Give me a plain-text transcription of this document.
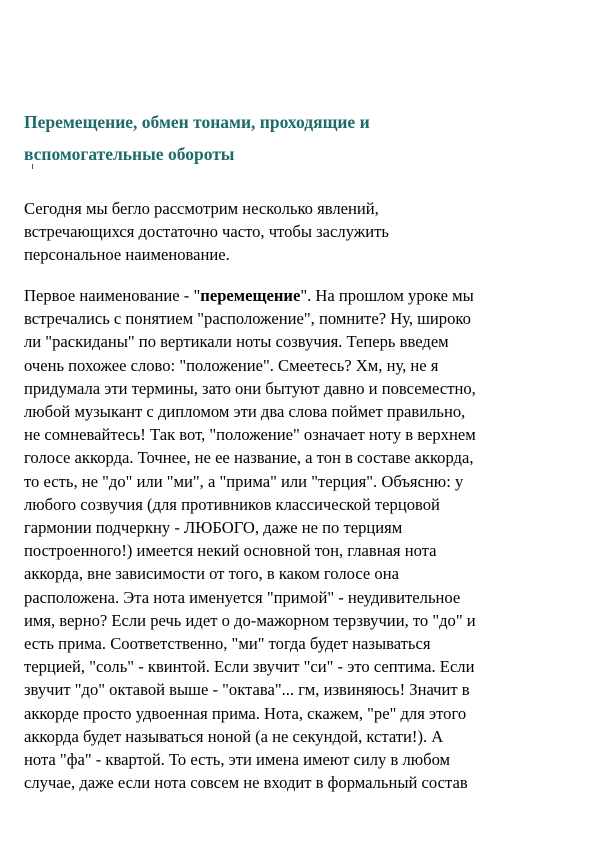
Перемещение, обмен тонами, проходящие и
вспомогательные обороты

Сегодня мы бегло рассмотрим несколько явлений,
встречающихся достаточно часто, чтобы заслужить
персональное наименование.

Первое наименование - "перемещение". На прошлом уроке мы
встречались с понятием "расположение", помните? Ну, широко
ли "раскиданы" по вертикали ноты созвучия. Теперь введем
очень похожее слово: "положение". Смеетесь? Хм, ну, не я
придумала эти термины, зато они бытуют давно и повсеместно,
любой музыкант с дипломом эти два слова поймет правильно,
не сомневайтесь! Так вот, "положение" означает ноту в верхнем
голосе аккорда. Точнее, не ее название, а тон в составе аккорда,
то есть, не "до" или "ми", а "прима" или "терция". Объясню: у
любого созвучия (для противников классической терцовой
гармонии подчеркну - ЛЮБОГО, даже не по терциям
построенного!) имеется некий основной тон, главная нота
аккорда, вне зависимости от того, в каком голосе она
расположена. Эта нота именуется "примой" - неудивительное
имя, верно? Если речь идет о до-мажорном терзвучии, то "до" и
есть прима. Соответственно, "ми" тогда будет называться
терцией, "соль" - квинтой. Если звучит "си" - это септима. Если
звучит "до" октавой выше - "октава"... гм, извиняюсь! Значит в
аккорде просто удвоенная прима. Нота, скажем, "ре" для этого
аккорда будет называться ноной (а не секундой, кстати!). А
нота "фа" - квартой. То есть, эти имена имеют силу в любом
случае, даже если нота совсем не входит в формальный состав
